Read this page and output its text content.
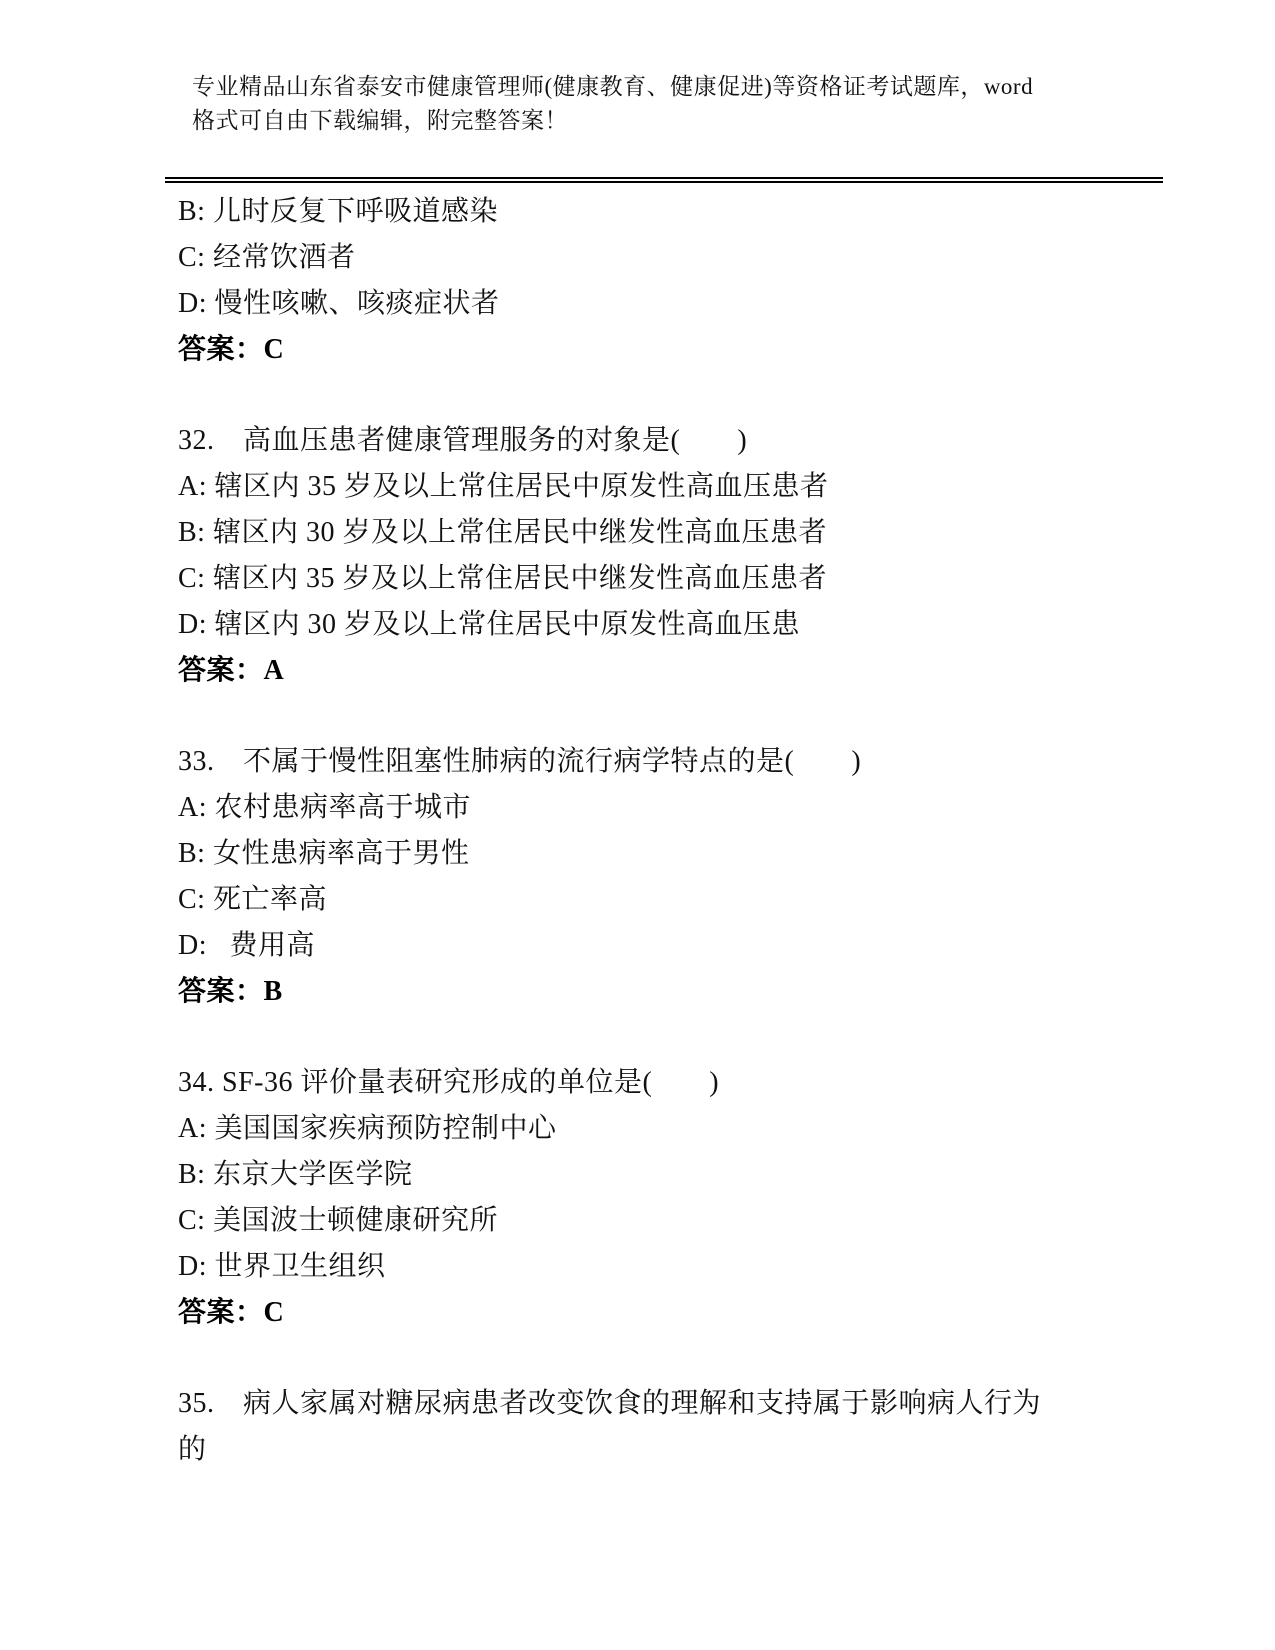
专业精品山东省泰安市健康管理师(健康教育、健康促进)等资格证考试题库，word
格式可自由下载编辑，附完整答案！
B: 儿时反复下呼吸道感染
C: 经常饮酒者
D: 慢性咳嗽、咳痰症状者
答案：C
32.　高血压患者健康管理服务的对象是(　　)
A: 辖区内 35 岁及以上常住居民中原发性高血压患者
B: 辖区内 30 岁及以上常住居民中继发性高血压患者
C: 辖区内 35 岁及以上常住居民中继发性高血压患者
D: 辖区内 30 岁及以上常住居民中原发性高血压患
答案：A
33.　不属于慢性阻塞性肺病的流行病学特点的是(　　)
A: 农村患病率高于城市
B: 女性患病率高于男性
C: 死亡率高
D:   费用高
答案：B
34. SF-36 评价量表研究形成的单位是(　　)
A: 美国国家疾病预防控制中心
B: 东京大学医学院
C: 美国波士顿健康研究所
D: 世界卫生组织
答案：C
35.　病人家属对糖尿病患者改变饮食的理解和支持属于影响病人行为
的
